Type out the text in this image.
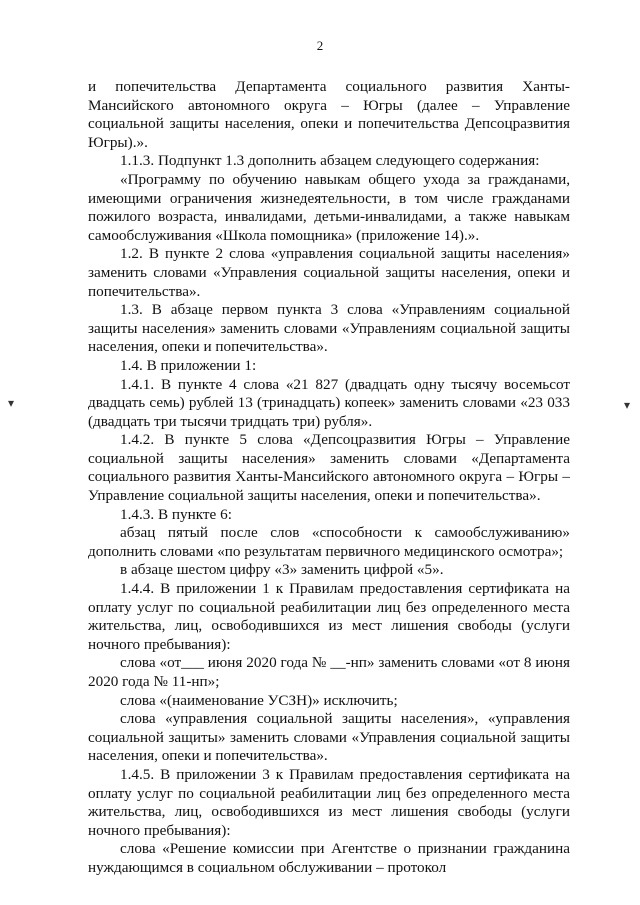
2
▾	▾

и попечительства Департамента социального развития Ханты-Мансийского автономного округа – Югры (далее – Управление социальной защиты населения, опеки и попечительства Депсоцразвития Югры).».

1.1.3. Подпункт 1.3 дополнить абзацем следующего содержания:

«Программу по обучению навыкам общего ухода за гражданами, имеющими ограничения жизнедеятельности, в том числе гражданами пожилого возраста, инвалидами, детьми-инвалидами, а также навыкам самообслуживания «Школа помощника» (приложение 14).».

1.2. В пункте 2 слова «управления социальной защиты населения» заменить словами «Управления социальной защиты населения, опеки и попечительства».

1.3. В абзаце первом пункта 3 слова «Управлениям социальной защиты населения» заменить словами «Управлениям социальной защиты населения, опеки и попечительства».

1.4. В приложении 1:

1.4.1. В пункте 4 слова «21 827 (двадцать одну тысячу восемьсот двадцать семь) рублей 13 (тринадцать) копеек» заменить словами «23 033 (двадцать три тысячи тридцать три) рубля».

1.4.2. В пункте 5 слова «Депсоцразвития Югры – Управление социальной защиты населения» заменить словами «Департамента социального развития Ханты-Мансийского автономного округа – Югры – Управление социальной защиты населения, опеки и попечительства».

1.4.3. В пункте 6:

абзац пятый после слов «способности к самообслуживанию» дополнить словами «по результатам первичного медицинского осмотра»;

в абзаце шестом цифру «3» заменить цифрой «5».

1.4.4. В приложении 1 к Правилам предоставления сертификата на оплату услуг по социальной реабилитации лиц без определенного места жительства, лиц, освободившихся из мест лишения свободы (услуги ночного пребывания):

слова «от___ июня 2020 года № __-нп» заменить словами «от 8 июня 2020 года № 11-нп»;

слова «(наименование УСЗН)» исключить;

слова «управления социальной защиты населения», «управления социальной защиты» заменить словами «Управления социальной защиты населения, опеки и попечительства».

1.4.5. В приложении 3 к Правилам предоставления сертификата на оплату услуг по социальной реабилитации лиц без определенного места жительства, лиц, освободившихся из мест лишения свободы (услуги ночного пребывания):

слова «Решение комиссии при Агентстве о признании гражданина нуждающимся в социальном обслуживании – протокол
